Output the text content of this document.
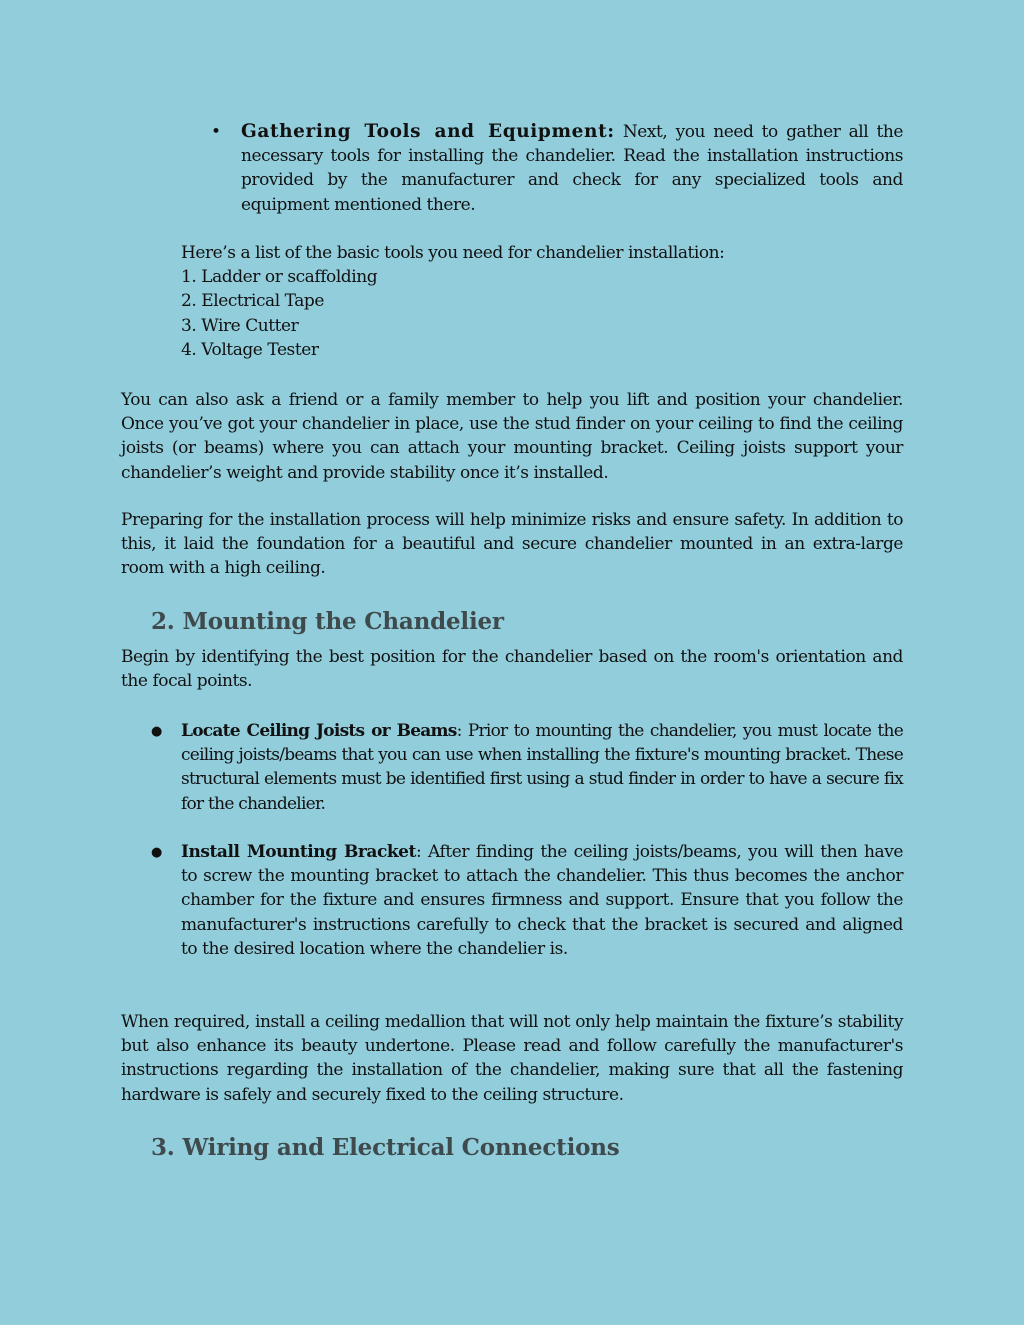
• Gathering Tools and Equipment: Next, you need to gather all the necessary tools for installing the chandelier. Read the installation instructions provided by the manufacturer and check for any specialized tools and equipment mentioned there.
Here’s a list of the basic tools you need for chandelier installation:
1. Ladder or scaffolding
2. Electrical Tape
3. Wire Cutter
4. Voltage Tester
You can also ask a friend or a family member to help you lift and position your chandelier. Once you’ve got your chandelier in place, use the stud finder on your ceiling to find the ceiling joists (or beams) where you can attach your mounting bracket. Ceiling joists support your chandelier’s weight and provide stability once it’s installed.
Preparing for the installation process will help minimize risks and ensure safety. In addition to this, it laid the foundation for a beautiful and secure chandelier mounted in an extra-large room with a high ceiling.
2. Mounting the Chandelier
Begin by identifying the best position for the chandelier based on the room's orientation and the focal points.
● Locate Ceiling Joists or Beams: Prior to mounting the chandelier, you must locate the ceiling joists/beams that you can use when installing the fixture's mounting bracket. These structural elements must be identified first using a stud finder in order to have a secure fix for the chandelier.
● Install Mounting Bracket: After finding the ceiling joists/beams, you will then have to screw the mounting bracket to attach the chandelier. This thus becomes the anchor chamber for the fixture and ensures firmness and support. Ensure that you follow the manufacturer's instructions carefully to check that the bracket is secured and aligned to the desired location where the chandelier is.
When required, install a ceiling medallion that will not only help maintain the fixture’s stability but also enhance its beauty undertone. Please read and follow carefully the manufacturer's instructions regarding the installation of the chandelier, making sure that all the fastening hardware is safely and securely fixed to the ceiling structure.
3. Wiring and Electrical Connections
